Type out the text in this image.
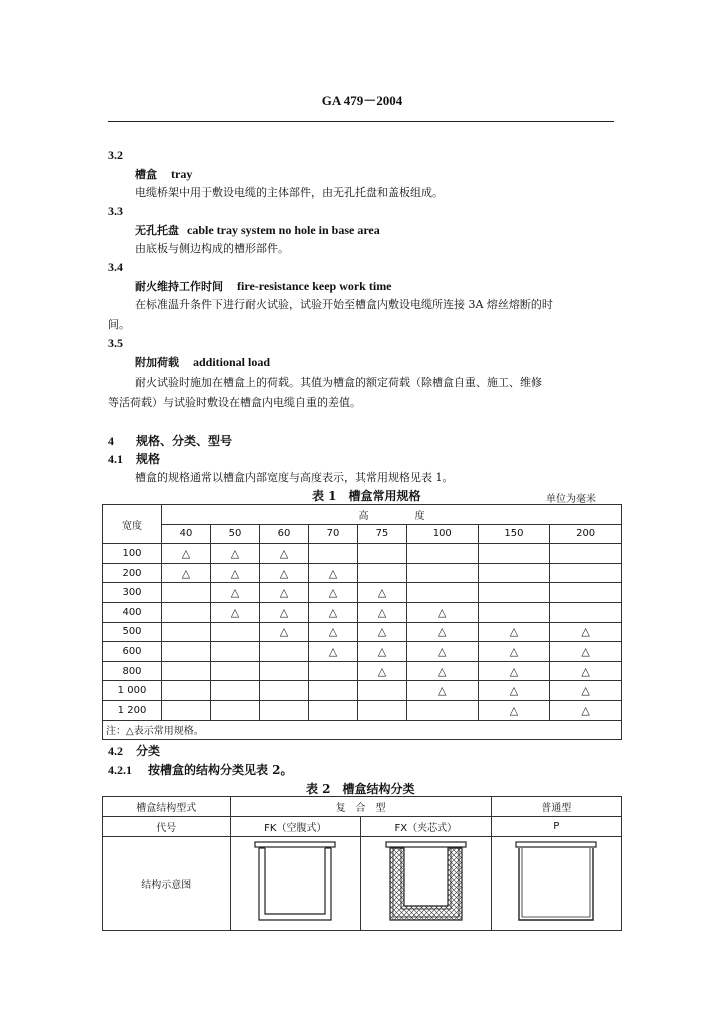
GA 479－2004
3.2
槽盒 tray
电缆桥架中用于敷设电缆的主体部件，由无孔托盘和盖板组成。
3.3
无孔托盘 cable tray system no hole in base area
由底板与侧边构成的槽形部件。
3.4
耐火维持工作时间 fire-resistance keep work time
在标准温升条件下进行耐火试验，试验开始至槽盒内敷设电缆所连接 3A 熔丝熔断的时
间。
3.5
附加荷载 additional load
耐火试验时施加在槽盒上的荷载。其值为槽盒的额定荷载（除槽盒自重、施工、维修
等活荷载）与试验时敷设在槽盒内电缆自重的差值。
4 规格、分类、型号
4.1 规格
槽盒的规格通常以槽盒内部宽度与高度表示，其常用规格见表 1。
表 1　槽盒常用规格	单位为毫米
宽度	高 度							
	40	50	60	70	75	100	150	200
100	△	△	△					
200	△	△	△	△				
300		△	△	△	△			
400		△	△	△	△	△		
500			△	△	△	△	△	△
600				△	△	△	△	△
800					△	△	△	△
1 000						△	△	△
1 200							△	△
注：△表示常用规格。								
4.2 分类
4.2.1 按槽盒的结构分类见表 2。
表 2　槽盒结构分类
槽盒结构型式	复　合　型		普通型
代号	FK（空腹式）	FX（夹芯式）	P
结构示意图			
